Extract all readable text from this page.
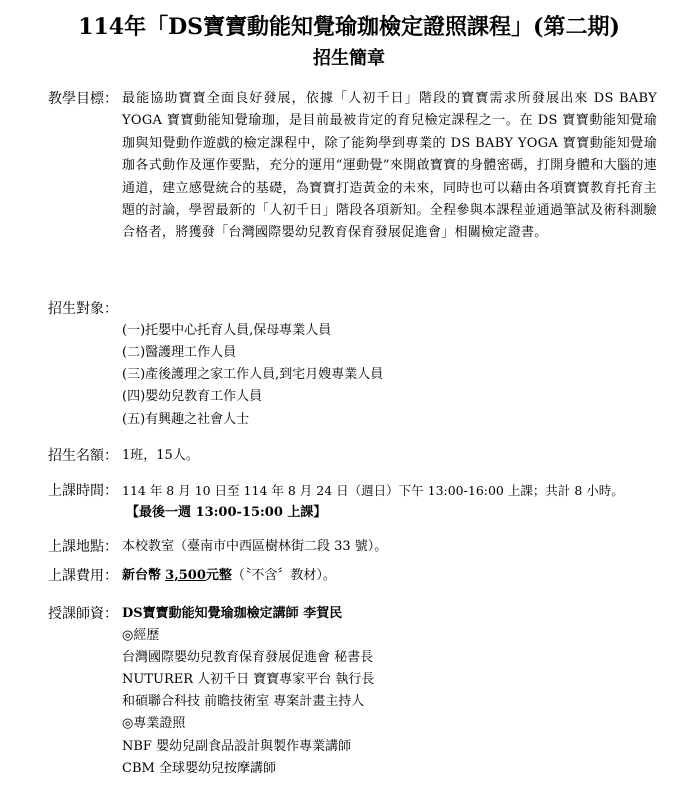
114年「DS寶寶動能知覺瑜珈檢定證照課程」(第二期)
招生簡章
教學目標： 最能協助寶寶全面良好發展，依據「人初千日」階段的寶寶需求所發展出來 DS BABY YOGA 寶寶動能知覺瑜珈，是目前最被肯定的育兒檢定課程之一。在 DS 寶寶動能知覺瑜珈與知覺動作遊戲的檢定課程中，除了能夠學到專業的 DS BABY YOGA 寶寶動能知覺瑜珈各式動作及運作要點，充分的運用“運動覺”來開啟寶寶的身體密碼，打開身體和大腦的連通道，建立感覺統合的基礎，為寶寶打造黃金的未來，同時也可以藉由各項寶寶教育托育主題的討論，學習最新的「人初千日」階段各項新知。全程參與本課程並通過筆試及術科測驗合格者，將獲發「台灣國際嬰幼兒教育保育發展促進會」相關檢定證書。
招生對象：
(一)托嬰中心托育人員,保母專業人員
(二)醫護理工作人員
(三)產後護理之家工作人員,到宅月嫂專業人員
(四)嬰幼兒教育工作人員
(五)有興趣之社會人士
招生名額： 1班，15人。
上課時間： 114 年 8 月 10 日至 114 年 8 月 24 日（週日）下午 13:00-16:00 上課；共計 8 小時。
【最後一週 13:00-15:00 上課】
上課地點： 本校教室（臺南市中西區樹林街二段 33 號）。
上課費用： 新台幣 3,500元整（〝不含〞教材）。
授課師資： DS寶寶動能知覺瑜珈檢定講師 李賀民
◎經歷
台灣國際嬰幼兒教育保育發展促進會 秘書長
NUTURER 人初千日 寶寶專家平台 執行長
和碩聯合科技 前瞻技術室 專案計畫主持人
◎專業證照
NBF 嬰幼兒副食品設計與製作專業講師
CBM 全球嬰幼兒按摩講師
